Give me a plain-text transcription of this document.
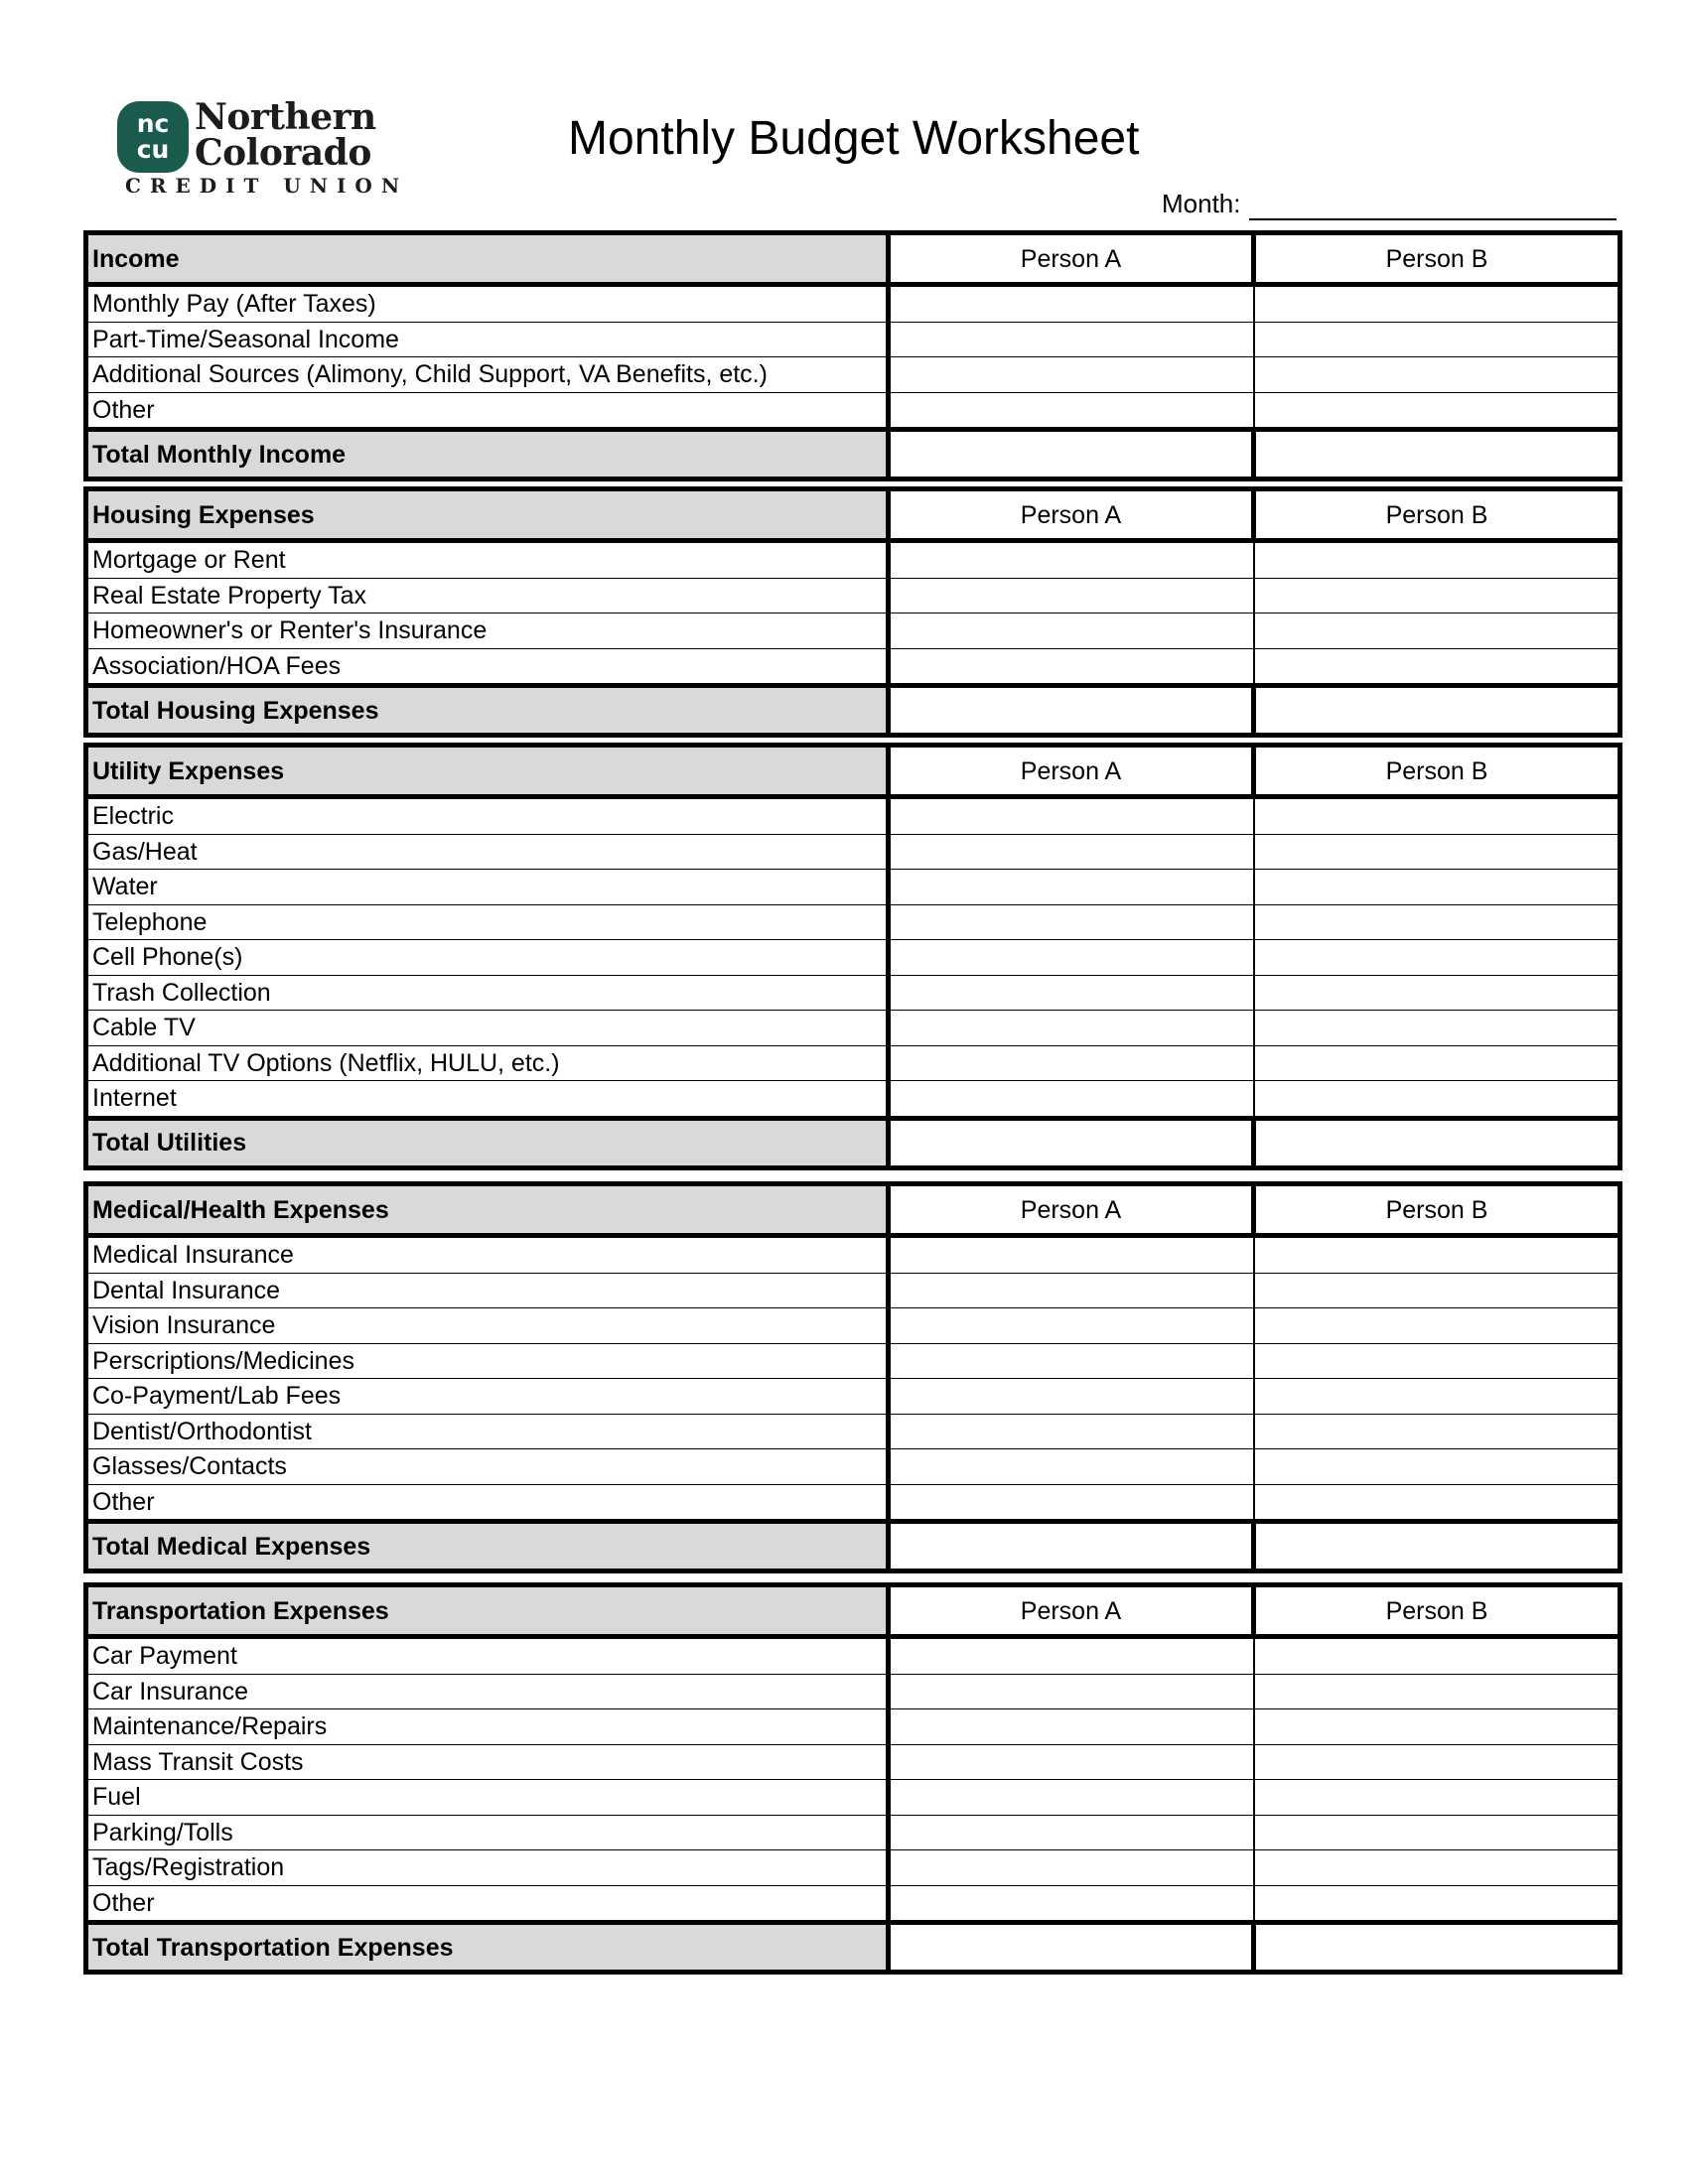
nc
cu
Northern
Colorado
CREDIT UNION
Monthly Budget Worksheet
Month:
Income	Person A	Person B
Monthly Pay (After Taxes)		
Part-Time/Seasonal Income		
Additional Sources (Alimony, Child Support, VA Benefits, etc.)		
Other		
Total Monthly Income		
Housing Expenses	Person A	Person B
Mortgage or Rent		
Real Estate Property Tax		
Homeowner's or Renter's Insurance		
Association/HOA Fees		
Total Housing Expenses		
Utility Expenses	Person A	Person B
Electric		
Gas/Heat		
Water		
Telephone		
Cell Phone(s)		
Trash Collection		
Cable TV		
Additional TV Options (Netflix, HULU, etc.)		
Internet		
Total Utilities		
Medical/Health Expenses	Person A	Person B
Medical Insurance		
Dental Insurance		
Vision Insurance		
Perscriptions/Medicines		
Co-Payment/Lab Fees		
Dentist/Orthodontist		
Glasses/Contacts		
Other		
Total Medical Expenses		
Transportation Expenses	Person A	Person B
Car Payment		
Car Insurance		
Maintenance/Repairs		
Mass Transit Costs		
Fuel		
Parking/Tolls		
Tags/Registration		
Other		
Total Transportation Expenses		
